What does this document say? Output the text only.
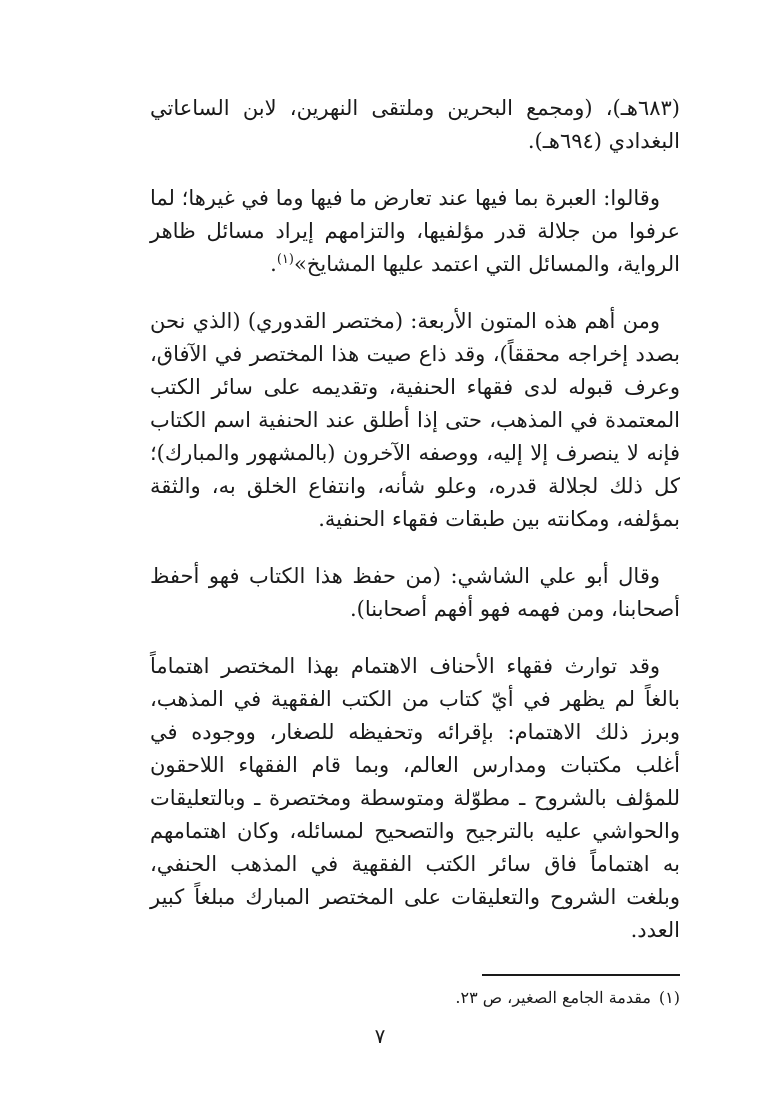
(٦٨٣هـ)، (ومجمع البحرين وملتقى النهرين، لابن الساعاتي البغدادي (٦٩٤هـ).

وقالوا: العبرة بما فيها عند تعارض ما فيها وما في غيرها؛ لما عرفوا من جلالة قدر مؤلفيها، والتزامهم إيراد مسائل ظاهر الرواية، والمسائل التي اعتمد عليها المشايخ»$^{(١)}$.

ومن أهم هذه المتون الأربعة: (مختصر القدوري) (الذي نحن بصدد إخراجه محققاً)، وقد ذاع صيت هذا المختصر في الآفاق، وعرف قبوله لدى فقهاء الحنفية، وتقديمه على سائر الكتب المعتمدة في المذهب، حتى إذا أطلق عند الحنفية اسم الكتاب فإنه لا ينصرف إلا إليه، ووصفه الآخرون (بالمشهور والمبارك)؛ كل ذلك لجلالة قدره، وعلو شأنه، وانتفاع الخلق به، والثقة بمؤلفه، ومكانته بين طبقات فقهاء الحنفية.

وقال أبو علي الشاشي: (من حفظ هذا الكتاب فهو أحفظ أصحابنا، ومن فهمه فهو أفهم أصحابنا).

وقد توارث فقهاء الأحناف الاهتمام بهذا المختصر اهتماماً بالغاً لم يظهر في أيّ كتاب من الكتب الفقهية في المذهب، وبرز ذلك الاهتمام: بإقرائه وتحفيظه للصغار، ووجوده في أغلب مكتبات ومدارس العالم، وبما قام الفقهاء اللاحقون للمؤلف بالشروح ـ مطوّلة ومتوسطة ومختصرة ـ وبالتعليقات والحواشي عليه بالترجيح والتصحيح لمسائله، وكان اهتمامهم به اهتماماً فاق سائر الكتب الفقهية في المذهب الحنفي، وبلغت الشروح والتعليقات على المختصر المبارك مبلغاً كبير العدد.

(١)مقدمة الجامع الصغير، ص ٢٣.
٧
